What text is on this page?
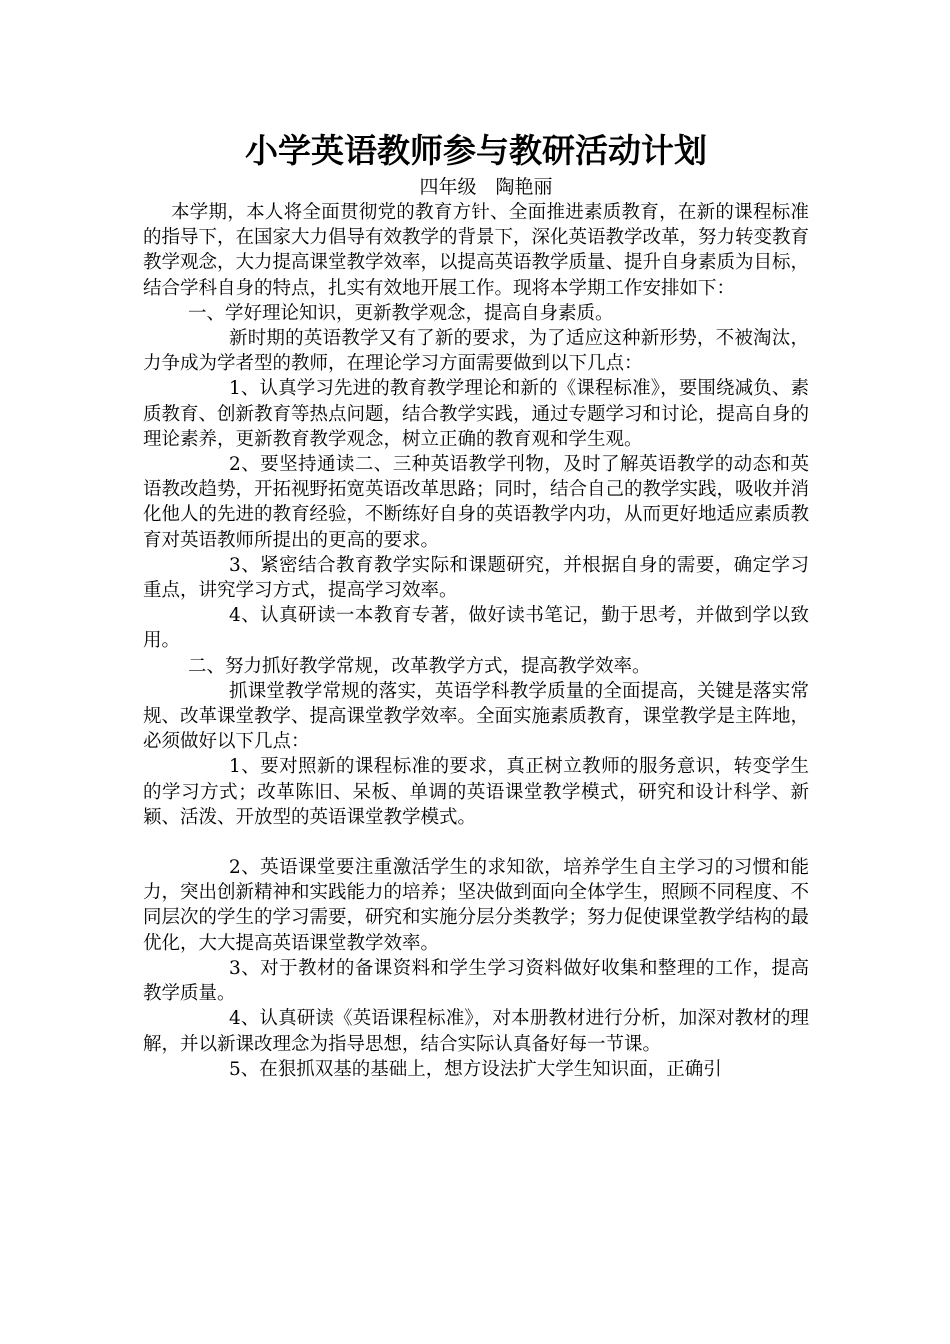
小学英语教师参与教研活动计划
四年级　陶艳丽

本学期，本人将全面贯彻党的教育方针、全面推进素质教育，在新的课程标准的指导下，在国家大力倡导有效教学的背景下，深化英语教学改革，努力转变教育教学观念，大力提高课堂教学效率，以提高英语教学质量、提升自身素质为目标，结合学科自身的特点，扎实有效地开展工作。现将本学期工作安排如下：

一、学好理论知识，更新教学观念，提高自身素质。

新时期的英语教学又有了新的要求，为了适应这种新形势，不被淘汰，力争成为学者型的教师，在理论学习方面需要做到以下几点：

1、认真学习先进的教育教学理论和新的《课程标准》，要围绕减负、素质教育、创新教育等热点问题，结合教学实践，通过专题学习和讨论，提高自身的理论素养，更新教育教学观念，树立正确的教育观和学生观。

2、要坚持通读二、三种英语教学刊物，及时了解英语教学的动态和英语教改趋势，开拓视野拓宽英语改革思路；同时，结合自己的教学实践，吸收并消化他人的先进的教育经验，不断练好自身的英语教学内功，从而更好地适应素质教育对英语教师所提出的更高的要求。

3、紧密结合教育教学实际和课题研究，并根据自身的需要，确定学习重点，讲究学习方式，提高学习效率。

4、认真研读一本教育专著，做好读书笔记，勤于思考，并做到学以致用。

二、努力抓好教学常规，改革教学方式，提高教学效率。

抓课堂教学常规的落实，英语学科教学质量的全面提高，关键是落实常规、改革课堂教学、提高课堂教学效率。全面实施素质教育，课堂教学是主阵地，必须做好以下几点：

1、要对照新的课程标准的要求，真正树立教师的服务意识，转变学生的学习方式；改革陈旧、呆板、单调的英语课堂教学模式，研究和设计科学、新颖、活泼、开放型的英语课堂教学模式。

2、英语课堂要注重激活学生的求知欲，培养学生自主学习的习惯和能力，突出创新精神和实践能力的培养；坚决做到面向全体学生，照顾不同程度、不同层次的学生的学习需要，研究和实施分层分类教学；努力促使课堂教学结构的最优化，大大提高英语课堂教学效率。

3、对于教材的备课资料和学生学习资料做好收集和整理的工作，提高教学质量。

4、认真研读《英语课程标准》，对本册教材进行分析，加深对教材的理解，并以新课改理念为指导思想，结合实际认真备好每一节课。

5、在狠抓双基的基础上，想方设法扩大学生知识面，正确引
